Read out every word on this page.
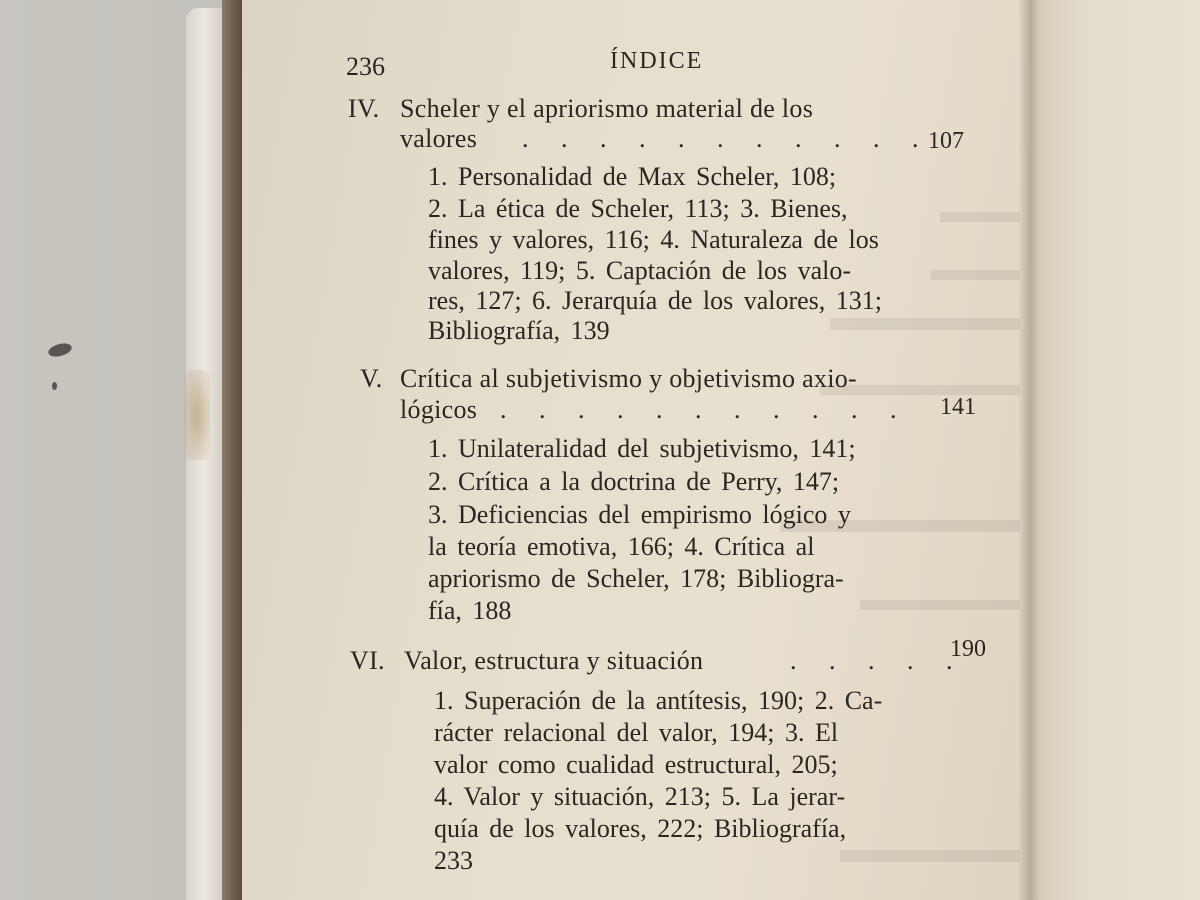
236	ÍNDICE
IV. Scheler y el apriorismo material de los
valores . . . . . . . . . . .
107
1. Personalidad de Max Scheler, 108;
2. La ética de Scheler, 113; 3. Bienes,
fines y valores, 116; 4. Naturaleza de los
valores, 119; 5. Captación de los valo-
res, 127; 6. Jerarquía de los valores, 131;
Bibliografía, 139
V. Crítica al subjetivismo y objetivismo axio-
lógicos . . . . . . . . . . . 141
1. Unilateralidad del subjetivismo, 141;
2. Crítica a la doctrina de Perry, 147;
3. Deficiencias del empirismo lógico y
la teoría emotiva, 166; 4. Crítica al
apriorismo de Scheler, 178; Bibliogra-
fía, 188
VI. Valor, estructura y situación	. . . . .
190
1. Superación de la antítesis, 190; 2. Ca-
rácter relacional del valor, 194; 3. El
valor como cualidad estructural, 205;
4. Valor y situación, 213; 5. La jerar-
quía de los valores, 222; Bibliografía,
233
